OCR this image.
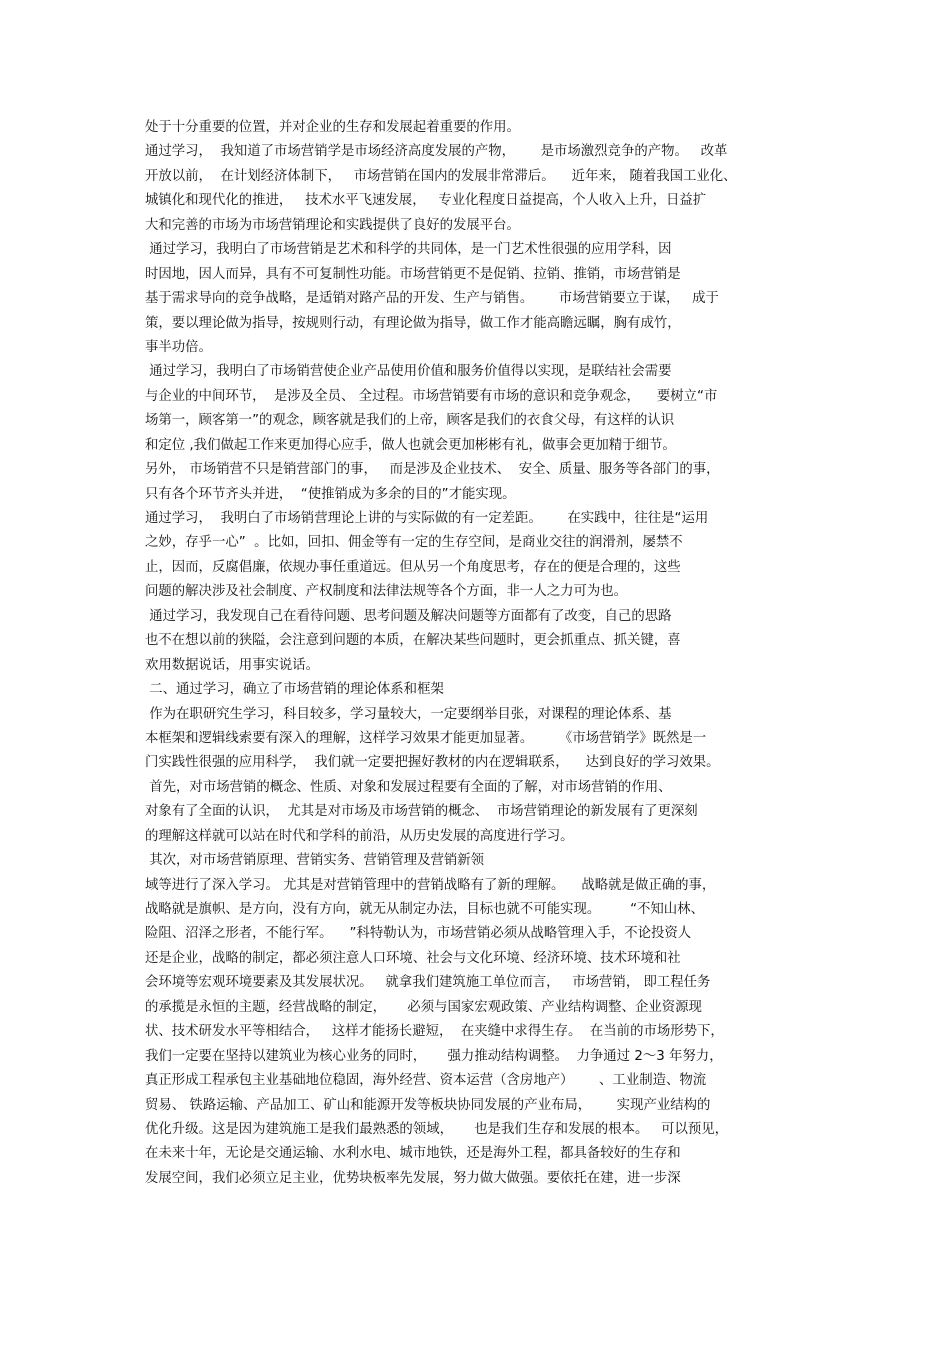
处于十分重要的位置，并对企业的生存和发展起着重要的作用。
通过学习，  我知道了市场营销学是市场经济高度发展的产物，      是市场激烈竞争的产物。   改革
开放以前，  在计划经济体制下，   市场营销在国内的发展非常滞后。    近年来， 随着我国工业化、
城镇化和现代化的推进，   技术水平飞速发展，   专业化程度日益提高，个人收入上升，日益扩
大和完善的市场为市场营销理论和实践提供了良好的发展平台。
通过学习，我明白了市场营销是艺术和科学的共同体，是一门艺术性很强的应用学科，因
时因地，因人而异，具有不可复制性功能。市场营销更不是促销、拉销、推销，市场营销是
基于需求导向的竞争战略，是适销对路产品的开发、生产与销售。      市场营销要立于谋，   成于
策，要以理论做为指导，按规则行动，有理论做为指导，做工作才能高瞻远瞩，胸有成竹，
事半功倍。
通过学习，我明白了市场销营使企业产品使用价值和服务价值得以实现，是联结社会需要
与企业的中间环节，  是涉及全员、 全过程。市场营销要有市场的意识和竞争观念，    要树立“市
场第一，顾客第一”的观念，顾客就是我们的上帝，顾客是我们的衣食父母，有这样的认识
和定位 ,我们做起工作来更加得心应手，做人也就会更加彬彬有礼，做事会更加精于细节。
另外， 市场销营不只是销营部门的事，   而是涉及企业技术、  安全、质量、服务等各部门的事，
只有各个环节齐头并进，  “使推销成为多余的目的”才能实现。
通过学习，  我明白了市场销营理论上讲的与实际做的有一定差距。      在实践中，往往是“运用
之妙，存乎一心”  。比如，回扣、佣金等有一定的生存空间，是商业交往的润滑剂，屡禁不
止，因而，反腐倡廉，依规办事任重道远。但从另一个角度思考，存在的便是合理的，这些
问题的解决涉及社会制度、产权制度和法律法规等各个方面，非一人之力可为也。
通过学习，我发现自己在看待问题、思考问题及解决问题等方面都有了改变，自己的思路
也不在想以前的狭隘，会注意到问题的本质，在解决某些问题时，更会抓重点、抓关键，喜
欢用数据说话，用事实说话。
二、通过学习，确立了市场营销的理论体系和框架
作为在职研究生学习，科目较多，学习量较大，一定要纲举目张，对课程的理论体系、基
本框架和逻辑线索要有深入的理解，这样学习效果才能更加显著。      《市场营销学》既然是一
门实践性很强的应用科学，  我们就一定要把握好教材的内在逻辑联系，    达到良好的学习效果。
首先，对市场营销的概念、性质、对象和发展过程要有全面的了解，对市场营销的作用、
对象有了全面的认识，  尤其是对市场及市场营销的概念、  市场营销理论的新发展有了更深刻
的理解这样就可以站在时代和学科的前沿，从历史发展的高度进行学习。
其次，对市场营销原理、营销实务、营销管理及营销新领
域等进行了深入学习。 尤其是对营销管理中的营销战略有了新的理解。    战略就是做正确的事，
战略就是旗帜、是方向，没有方向，就无从制定办法，目标也就不可能实现。       “不知山林、
险阻、沼泽之形者，不能行军。    ”科特勒认为，市场营销必须从战略管理入手，不论投资人
还是企业，战略的制定，都必须注意人口环境、社会与文化环境、经济环境、技术环境和社
会环境等宏观环境要素及其发展状况。   就拿我们建筑施工单位而言，   市场营销， 即工程任务
的承揽是永恒的主题，经营战略的制定，     必须与国家宏观政策、产业结构调整、企业资源现
状、技术研发水平等相结合，   这样才能扬长避短，  在夹缝中求得生存。  在当前的市场形势下，
我们一定要在坚持以建筑业为核心业务的同时，     强力推动结构调整。  力争通过 2～3 年努力，
真正形成工程承包主业基础地位稳固，海外经营、资本运营（含房地产）      、工业制造、物流
贸易、 铁路运输、产品加工、矿山和能源开发等板块协同发展的产业布局，      实现产业结构的
优化升级。这是因为建筑施工是我们最熟悉的领域，     也是我们生存和发展的根本。   可以预见，
在未来十年，无论是交通运输、水利水电、城市地铁，还是海外工程，都具备较好的生存和
发展空间，我们必须立足主业，优势块板率先发展，努力做大做强。要依托在建，进一步深
